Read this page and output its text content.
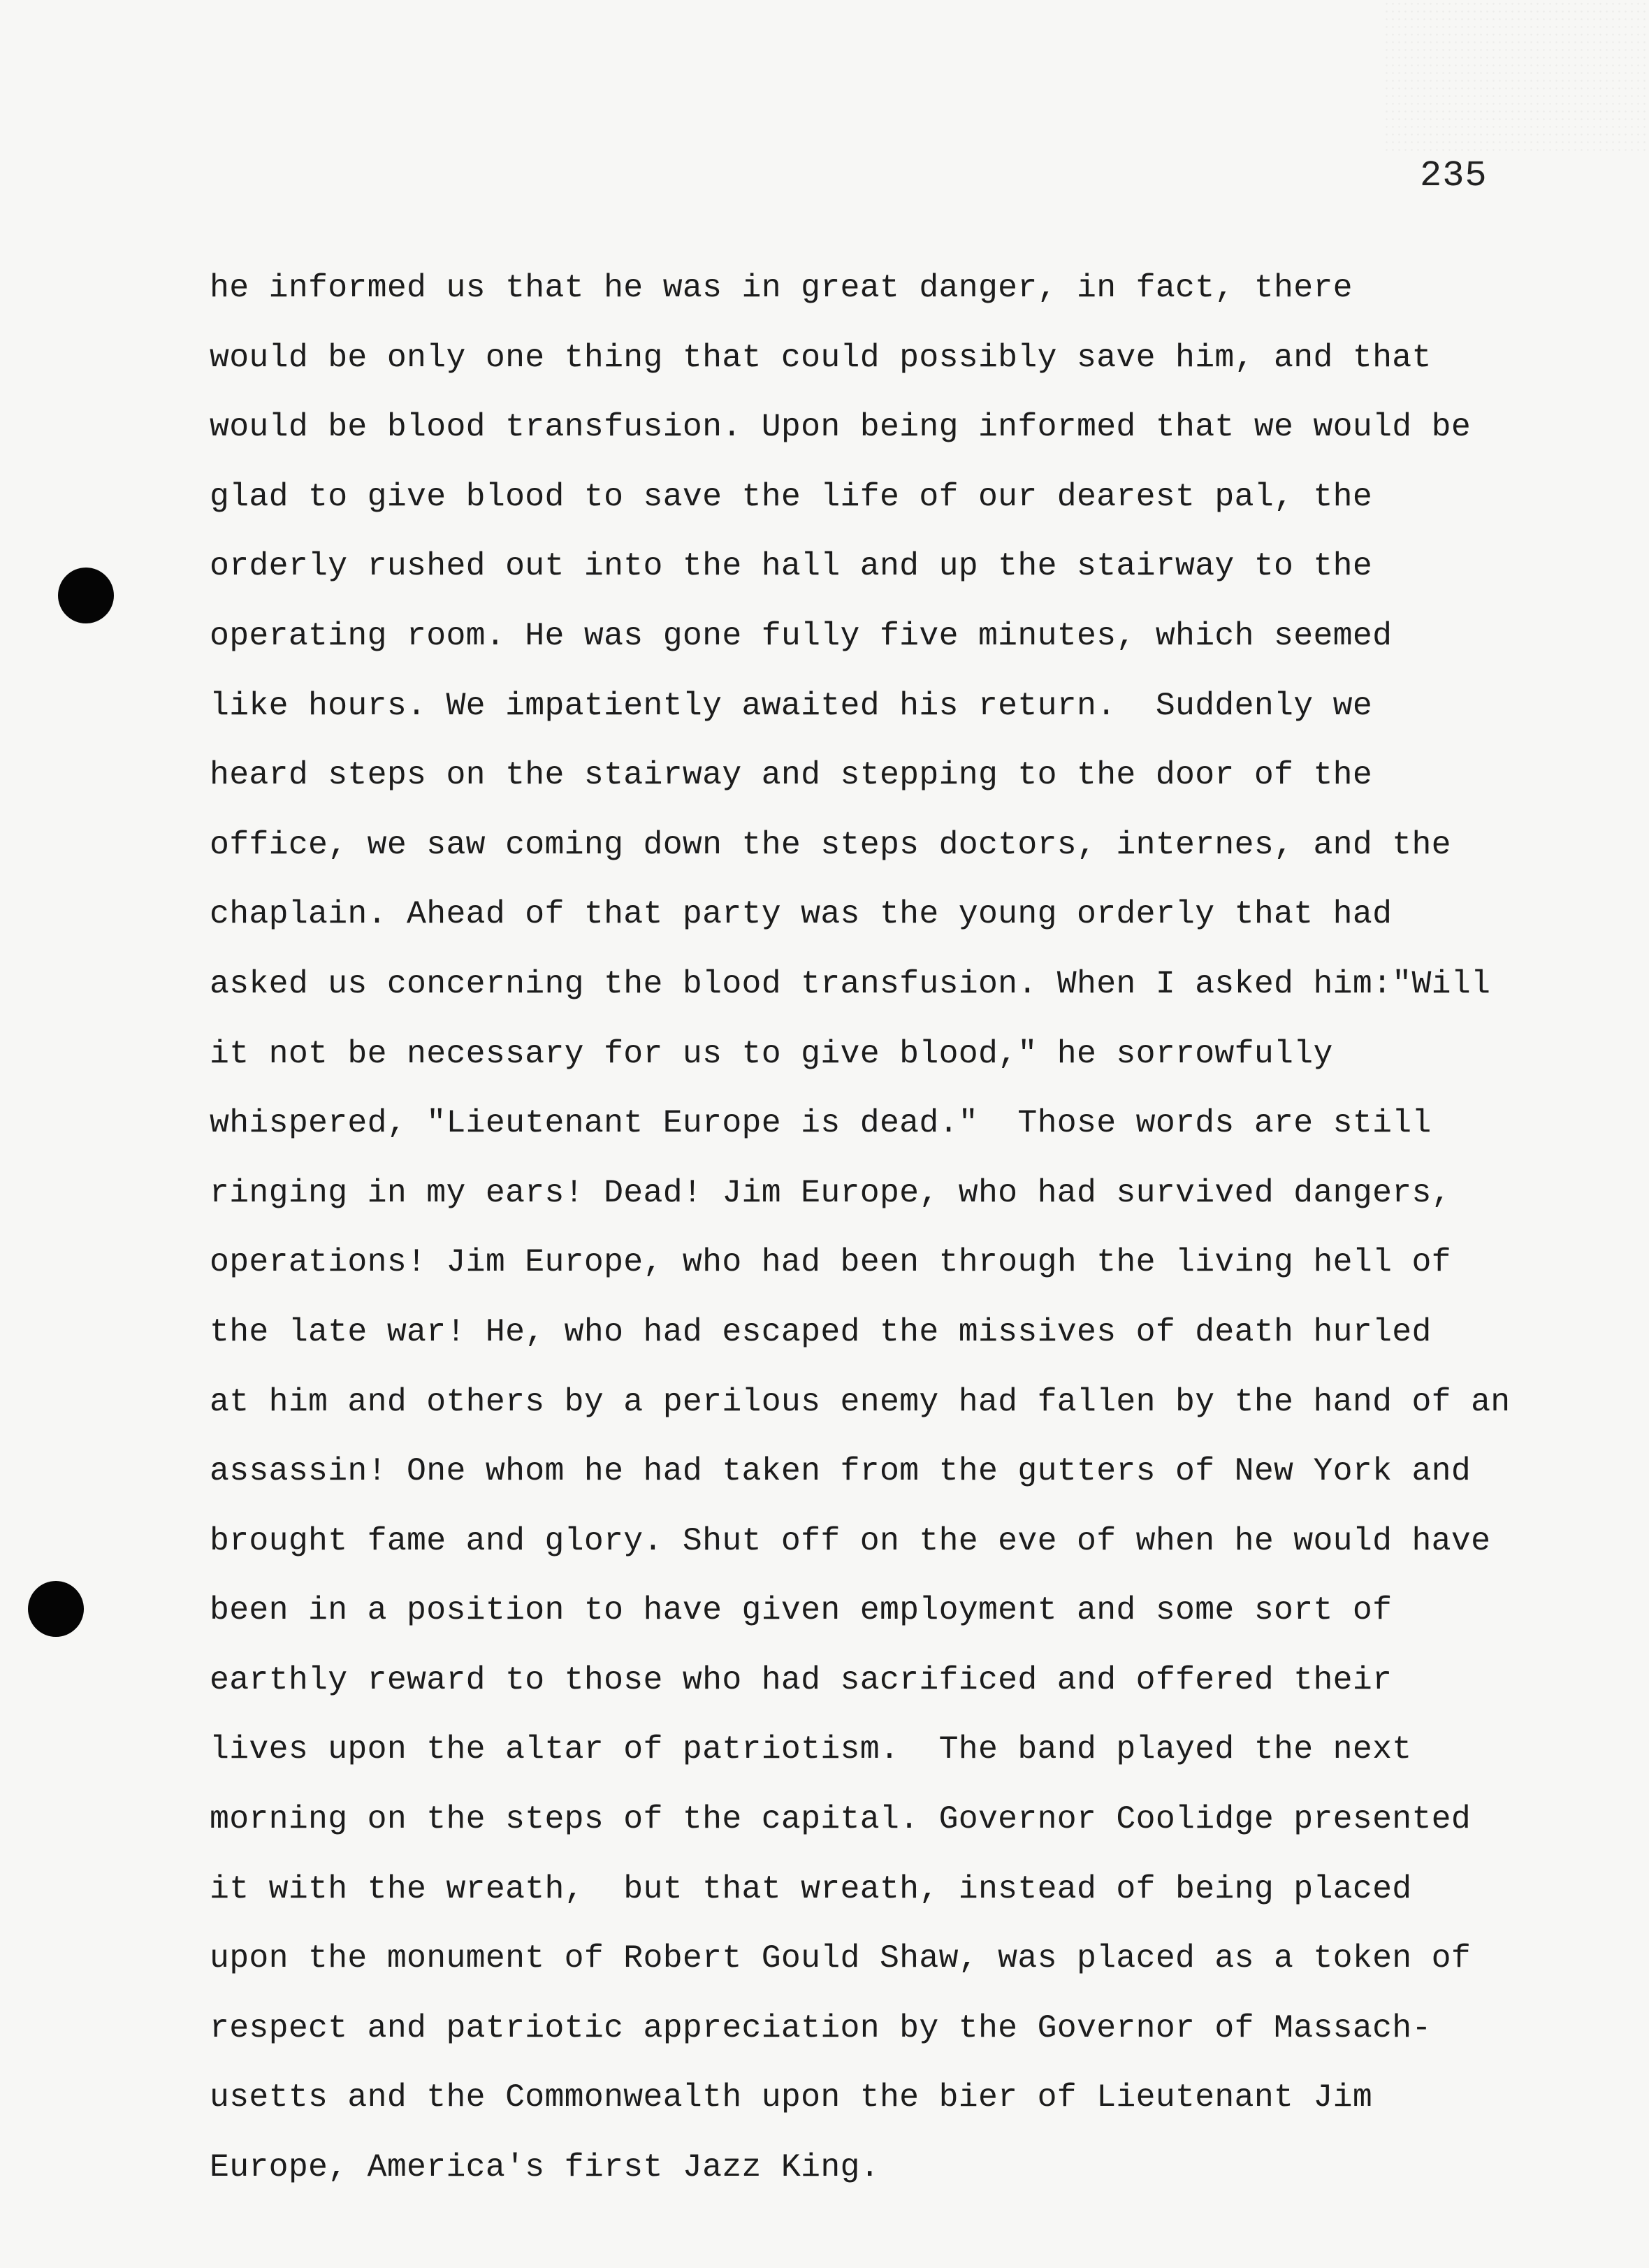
235
he informed us that he was in great danger, in fact, there
would be only one thing that could possibly save him, and that
would be blood transfusion. Upon being informed that we would be
glad to give blood to save the life of our dearest pal, the
orderly rushed out into the hall and up the stairway to the
operating room. He was gone fully five minutes, which seemed
like hours. We impatiently awaited his return.  Suddenly we
heard steps on the stairway and stepping to the door of the
office, we saw coming down the steps doctors, internes, and the
chaplain. Ahead of that party was the young orderly that had
asked us concerning the blood transfusion. When I asked him:"Will
it not be necessary for us to give blood," he sorrowfully
whispered, "Lieutenant Europe is dead."  Those words are still
ringing in my ears! Dead! Jim Europe, who had survived dangers,
operations! Jim Europe, who had been through the living hell of
the late war! He, who had escaped the missives of death hurled
at him and others by a perilous enemy had fallen by the hand of an
assassin! One whom he had taken from the gutters of New York and
brought fame and glory. Shut off on the eve of when he would have
been in a position to have given employment and some sort of
earthly reward to those who had sacrificed and offered their
lives upon the altar of patriotism.  The band played the next
morning on the steps of the capital. Governor Coolidge presented
it with the wreath,  but that wreath, instead of being placed
upon the monument of Robert Gould Shaw, was placed as a token of
respect and patriotic appreciation by the Governor of Massach-
usetts and the Commonwealth upon the bier of Lieutenant Jim
Europe, America's first Jazz King.
